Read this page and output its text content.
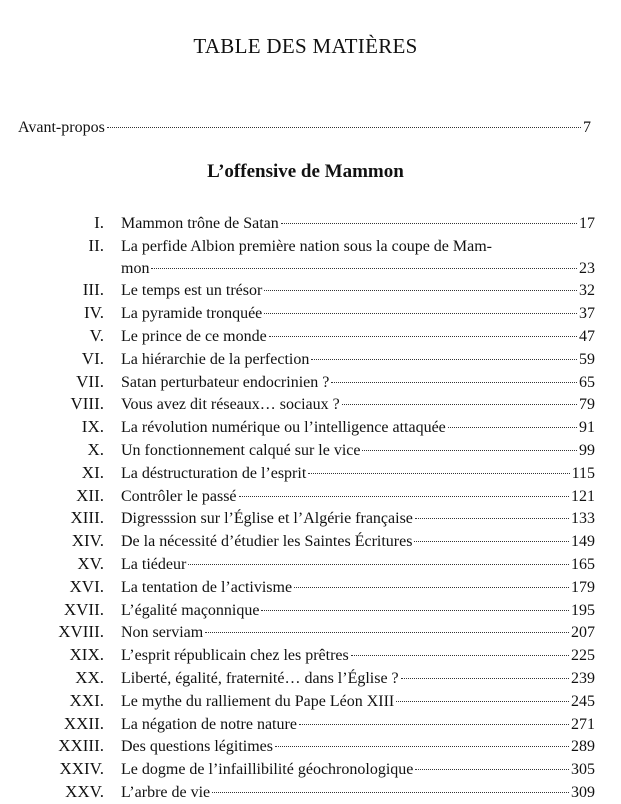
TABLE DES MATIÈRES
Avant-propos	7
L’offensive de Mammon
I.	Mammon trône de Satan	17
II.	La perfide Albion première nation sous la coupe de Mam-
mon	23
III.	Le temps est un trésor	32
IV.	La pyramide tronquée	37
V.	Le prince de ce monde	47
VI.	La hiérarchie de la perfection	59
VII.	Satan perturbateur endocrinien ?	65
VIII.	Vous avez dit réseaux… sociaux ?	79
IX.	La révolution numérique ou l’intelligence attaquée	91
X.	Un fonctionnement calqué sur le vice	99
XI.	La déstructuration de l’esprit	115
XII.	Contrôler le passé	121
XIII.	Digresssion sur l’Église et l’Algérie française	133
XIV.	De la nécessité d’étudier les Saintes Écritures	149
XV.	La tiédeur	165
XVI.	La tentation de l’activisme	179
XVII.	L’égalité maçonnique	195
XVIII.	Non serviam	207
XIX.	L’esprit républicain chez les prêtres	225
XX.	Liberté, égalité, fraternité… dans l’Église ?	239
XXI.	Le mythe du ralliement du Pape Léon XIII	245
XXII.	La négation de notre nature	271
XXIII.	Des questions légitimes	289
XXIV.	Le dogme de l’infaillibilité géochronologique	305
XXV.	L’arbre de vie	309
